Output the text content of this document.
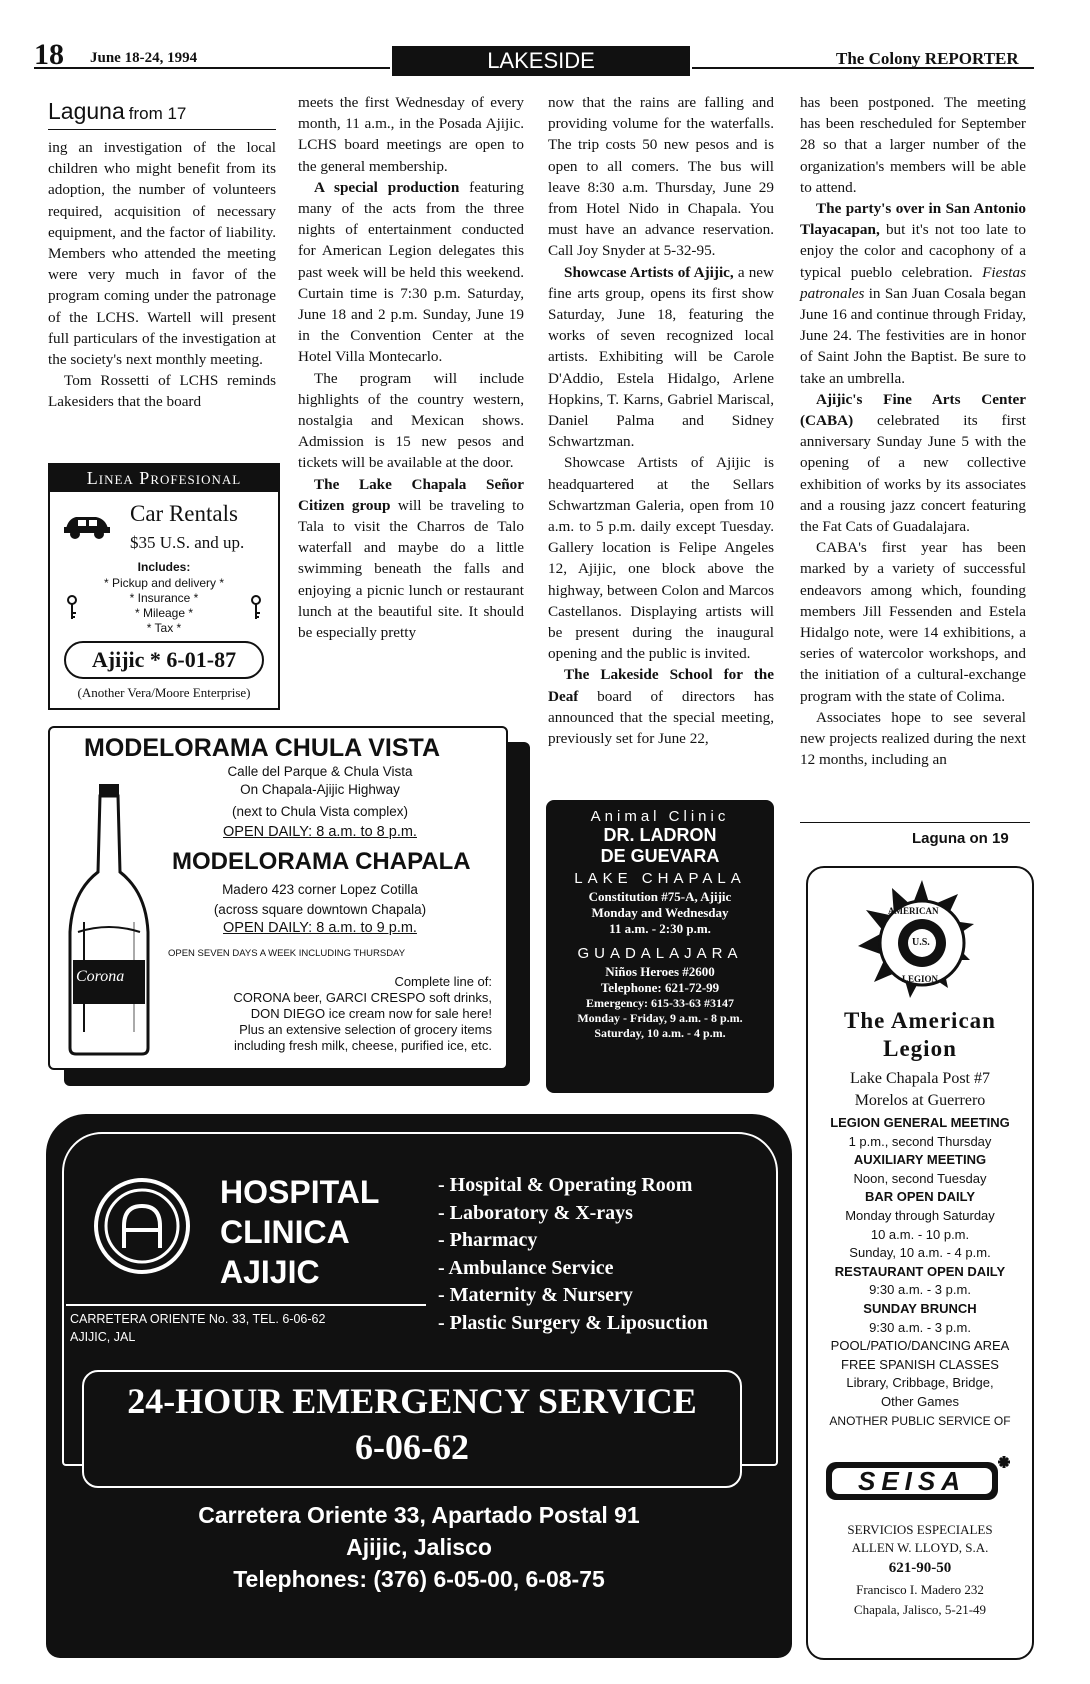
18 June 18-24, 1994	LAKESIDE	The Colony REPORTER
Laguna from 17

ing an investigation of the local children who might benefit from its adoption, the number of volunteers required, acquisition of necessary equipment, and the factor of liability. Members who attended the meeting were very much in favor of the program coming under the patronage of the LCHS. Wartell will present full particulars of the investigation at the society's next monthly meeting.

Tom Rossetti of LCHS reminds Lakesiders that the board

Linea Profesional
Car Rentals
$35 U.S. and up.
Includes:
* Pickup and delivery *
* Insurance *
* Mileage *
* Tax *
Ajijic * 6-01-87
(Another Vera/Moore Enterprise)

meets the first Wednesday of every month, 11 a.m., in the Posada Ajijic. LCHS board meetings are open to the general membership.

A special production featuring many of the acts from the three nights of entertainment conducted for American Legion delegates this past week will be held this weekend. Curtain time is 7:30 p.m. Saturday, June 18 and 2 p.m. Sunday, June 19 in the Convention Center at the Hotel Villa Montecarlo.

The program will include highlights of the country western, nostalgia and Mexican shows. Admission is 15 new pesos and tickets will be available at the door.

The Lake Chapala Señor Citizen group will be traveling to Tala to visit the Charros de Talo waterfall and maybe do a little swimming beneath the falls and enjoying a picnic lunch or restaurant lunch at the beautiful site. It should be especially pretty

now that the rains are falling and providing volume for the waterfalls. The trip costs 50 new pesos and is open to all comers. The bus will leave 8:30 a.m. Thursday, June 29 from Hotel Nido in Chapala. You must have an advance reservation. Call Joy Snyder at 5-32-95.

Showcase Artists of Ajijic, a new fine arts group, opens its first show Saturday, June 18, featuring the works of seven recognized local artists. Exhibiting will be Carole D'Addio, Estela Hidalgo, Arlene Hopkins, T. Karns, Gabriel Mariscal, Daniel Palma and Sidney Schwartzman.

Showcase Artists of Ajijic is headquartered at the Sellars Schwartzman Galeria, open from 10 a.m. to 5 p.m. daily except Tuesday. Gallery location is Felipe Angeles 12, Ajijic, one block above the highway, between Colon and Marcos Castellanos. Displaying artists will be present during the inaugural opening and the public is invited.

The Lakeside School for the Deaf board of directors has announced that the special meeting, previously set for June 22,

has been postponed. The meeting has been rescheduled for September 28 so that a larger number of the organization's members will be able to attend.

The party's over in San Antonio Tlayacapan, but it's not too late to enjoy the color and cacophony of a typical pueblo celebration. Fiestas patronales in San Juan Cosala began June 16 and continue through Friday, June 24. The festivities are in honor of Saint John the Baptist. Be sure to take an umbrella.

Ajijic's Fine Arts Center (CABA) celebrated its first anniversary Sunday June 5 with the opening of a new collective exhibition of works by its associates and a rousing jazz concert featuring the Fat Cats of Guadalajara.

CABA's first year has been marked by a variety of successful endeavors among which, founding members Jill Fessenden and Estela Hidalgo note, were 14 exhibitions, a series of watercolor workshops, and the initiation of a cultural-exchange program with the state of Colima.

Associates hope to see several new projects realized during the next 12 months, including an

Laguna on 19
MODELORAMA CHULA VISTA
Calle del Parque & Chula Vista
On Chapala-Ajijic Highway
(next to Chula Vista complex)
OPEN DAILY: 8 a.m. to 8 p.m.
MODELORAMA CHAPALA
Madero 423 corner Lopez Cotilla
(across square downtown Chapala)
OPEN DAILY: 8 a.m. to 9 p.m.
OPEN SEVEN DAYS A WEEK INCLUDING THURSDAY
Complete line of:
CORONA beer, GARCI CRESPO soft drinks,
DON DIEGO ice cream now for sale here!
Plus an extensive selection of grocery items
including fresh milk, cheese, purified ice, etc.
Corona
Animal Clinic
DR. LADRON
DE GUEVARA
LAKE CHAPALA
Constitution #75-A, Ajijic
Monday and Wednesday
11 a.m. - 2:30 p.m.
GUADALAJARA
Niños Heroes #2600
Telephone: 621-72-99
Emergency: 615-33-63 #3147
Monday - Friday, 9 a.m. - 8 p.m.
Saturday, 10 a.m. - 4 p.m.
AMERICAN
LEGION
U.S.
The American
Legion
Lake Chapala Post #7
Morelos at Guerrero
LEGION GENERAL MEETING
1 p.m., second Thursday
AUXILIARY MEETING
Noon, second Tuesday
BAR OPEN DAILY
Monday through Saturday
10 a.m. - 10 p.m.
Sunday, 10 a.m. - 4 p.m.
RESTAURANT OPEN DAILY
9:30 a.m. - 3 p.m.
SUNDAY BRUNCH
9:30 a.m. - 3 p.m.
POOL/PATIO/DANCING AREA
FREE SPANISH CLASSES
Library, Cribbage, Bridge,
Other Games
ANOTHER PUBLIC SERVICE OF
SEISA
SERVICIOS ESPECIALES
ALLEN W. LLOYD, S.A.
621-90-50
Francisco I. Madero 232
Chapala, Jalisco, 5-21-49
HOSPITAL
CLINICA
AJIJIC
CARRETERA ORIENTE No. 33, TEL. 6-06-62
AJIJIC, JAL
- Hospital & Operating Room
- Laboratory & X-rays
- Pharmacy
- Ambulance Service
- Maternity & Nursery
- Plastic Surgery & Liposuction
24-HOUR EMERGENCY SERVICE
6-06-62
Carretera Oriente 33, Apartado Postal 91
Ajijic, Jalisco
Telephones: (376) 6-05-00, 6-08-75
